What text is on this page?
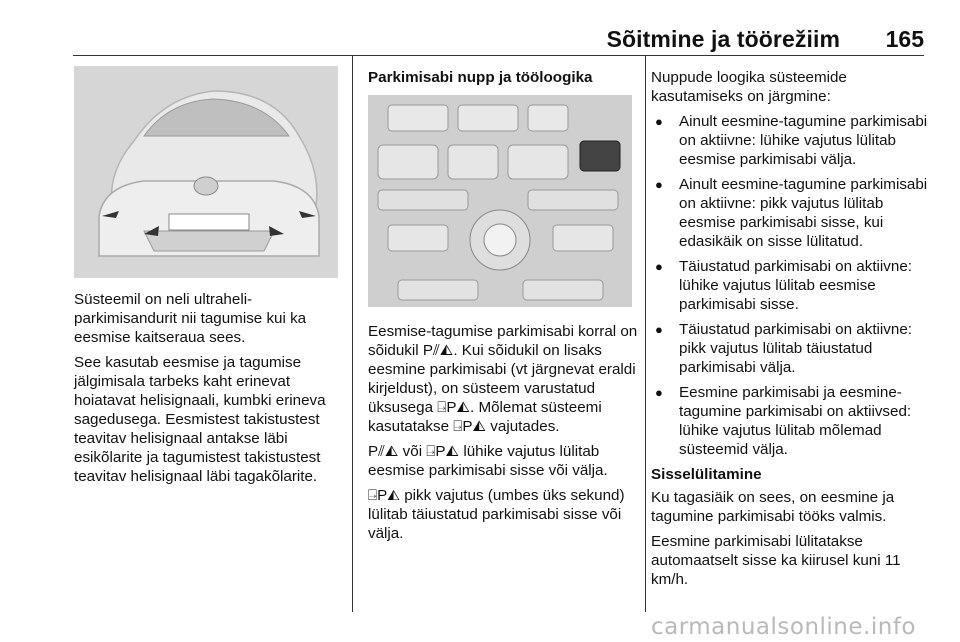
Sõitmine ja töörežiim 165

Süsteemil on neli ultraheli-parkimisandurit nii tagumise kui ka eesmise kaitseraua sees.

See kasutab eesmise ja tagumise jälgimisala tarbeks kaht erinevat hoiatavat helisignaali, kumbki erineva sagedusega. Eesmistest takistustest teavitav helisignaal antakse läbi esikõlarite ja tagumistest takistustest teavitav helisignaal läbi tagakõlarite.

Parkimisabi nupp ja tööloogika

Eesmise-tagumise parkimisabi korral on sõidukil P⫽◭. Kui sõidukil on lisaks eesmine parkimisabi (vt järgnevat eraldi kirjeldust), on süsteem varustatud üksusega ⍈P◭. Mõlemat süsteemi kasutatakse ⍈P◭ vajutades.

P⫽◭ või ⍈P◭ lühike vajutus lülitab eesmise parkimisabi sisse või välja.

⍈P◭ pikk vajutus (umbes üks sekund) lülitab täiustatud parkimisabi sisse või välja.

Nuppude loogika süsteemide kasutamiseks on järgmine:

● Ainult eesmine-tagumine parkimisabi on aktiivne: lühike vajutus lülitab eesmise parkimisabi välja.
● Ainult eesmine-tagumine parkimisabi on aktiivne: pikk vajutus lülitab eesmise parkimisabi sisse, kui edasikäik on sisse lülitatud.
● Täiustatud parkimisabi on aktiivne: lühike vajutus lülitab eesmise parkimisabi sisse.
● Täiustatud parkimisabi on aktiivne: pikk vajutus lülitab täiustatud parkimisabi välja.
● Eesmine parkimisabi ja eesmine-tagumine parkimisabi on aktiivsed: lühike vajutus lülitab mõlemad süsteemid välja.
Sisselülitamine

Ku tagasiäik on sees, on eesmine ja tagumine parkimisabi tööks valmis.

Eesmine parkimisabi lülitatakse automaatselt sisse ka kiirusel kuni 11 km/h.

carmanualsonline.info
